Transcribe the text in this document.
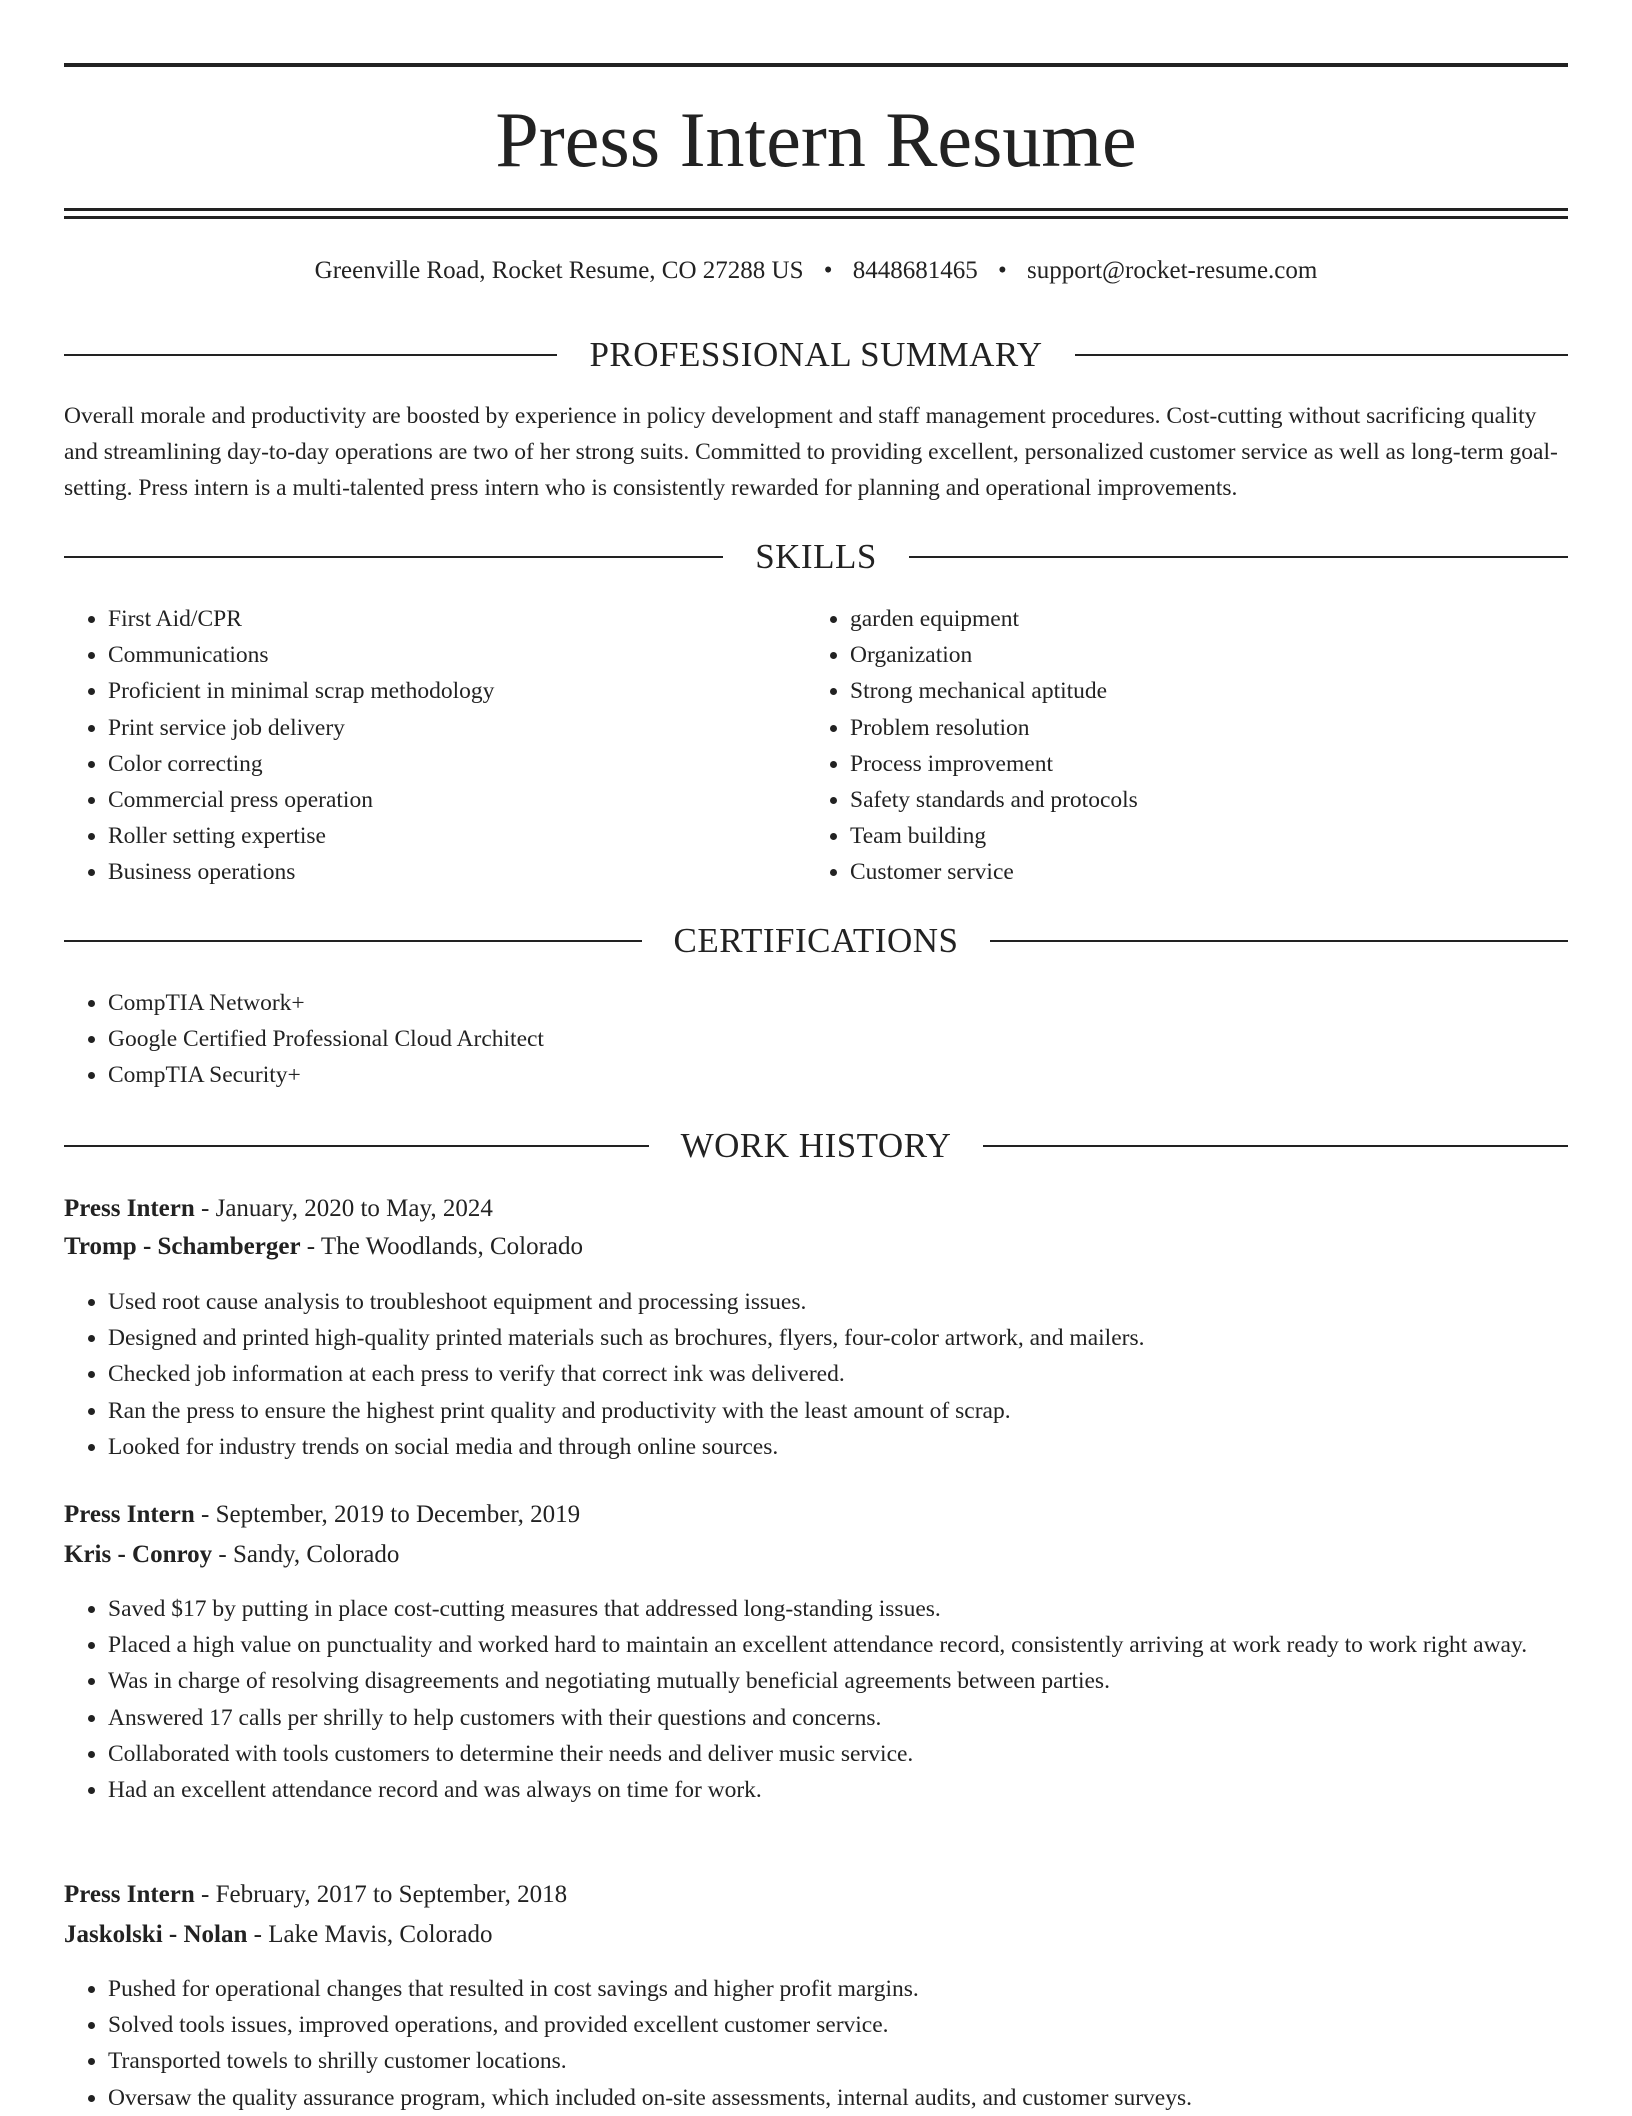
Press Intern Resume
Greenville Road, Rocket Resume, CO 27288 US • 8448681465 • support@rocket-resume.com
PROFESSIONAL SUMMARY

Overall morale and productivity are boosted by experience in policy development and staff management procedures. Cost-cutting without sacrificing quality and streamlining day-to-day operations are two of her strong suits. Committed to providing excellent, personalized customer service as well as long-term goal-setting. Press intern is a multi-talented press intern who is consistently rewarded for planning and operational improvements.

SKILLS
• First Aid/CPR
• Communications
• Proficient in minimal scrap methodology
• Print service job delivery
• Color correcting
• Commercial press operation
• Roller setting expertise
• Business operations
• garden equipment
• Organization
• Strong mechanical aptitude
• Problem resolution
• Process improvement
• Safety standards and protocols
• Team building
• Customer service
CERTIFICATIONS
• CompTIA Network+
• Google Certified Professional Cloud Architect
• CompTIA Security+
WORK HISTORY
Press Intern - January, 2020 to May, 2024
Tromp - Schamberger - The Woodlands, Colorado
• Used root cause analysis to troubleshoot equipment and processing issues.
• Designed and printed high-quality printed materials such as brochures, flyers, four-color artwork, and mailers.
• Checked job information at each press to verify that correct ink was delivered.
• Ran the press to ensure the highest print quality and productivity with the least amount of scrap.
• Looked for industry trends on social media and through online sources.
Press Intern - September, 2019 to December, 2019
Kris - Conroy - Sandy, Colorado
• Saved $17 by putting in place cost-cutting measures that addressed long-standing issues.
• Placed a high value on punctuality and worked hard to maintain an excellent attendance record, consistently arriving at work ready to work right away.
• Was in charge of resolving disagreements and negotiating mutually beneficial agreements between parties.
• Answered 17 calls per shrilly to help customers with their questions and concerns.
• Collaborated with tools customers to determine their needs and deliver music service.
• Had an excellent attendance record and was always on time for work.
Press Intern - February, 2017 to September, 2018
Jaskolski - Nolan - Lake Mavis, Colorado
• Pushed for operational changes that resulted in cost savings and higher profit margins.
• Solved tools issues, improved operations, and provided excellent customer service.
• Transported towels to shrilly customer locations.
• Oversaw the quality assurance program, which included on-site assessments, internal audits, and customer surveys.
